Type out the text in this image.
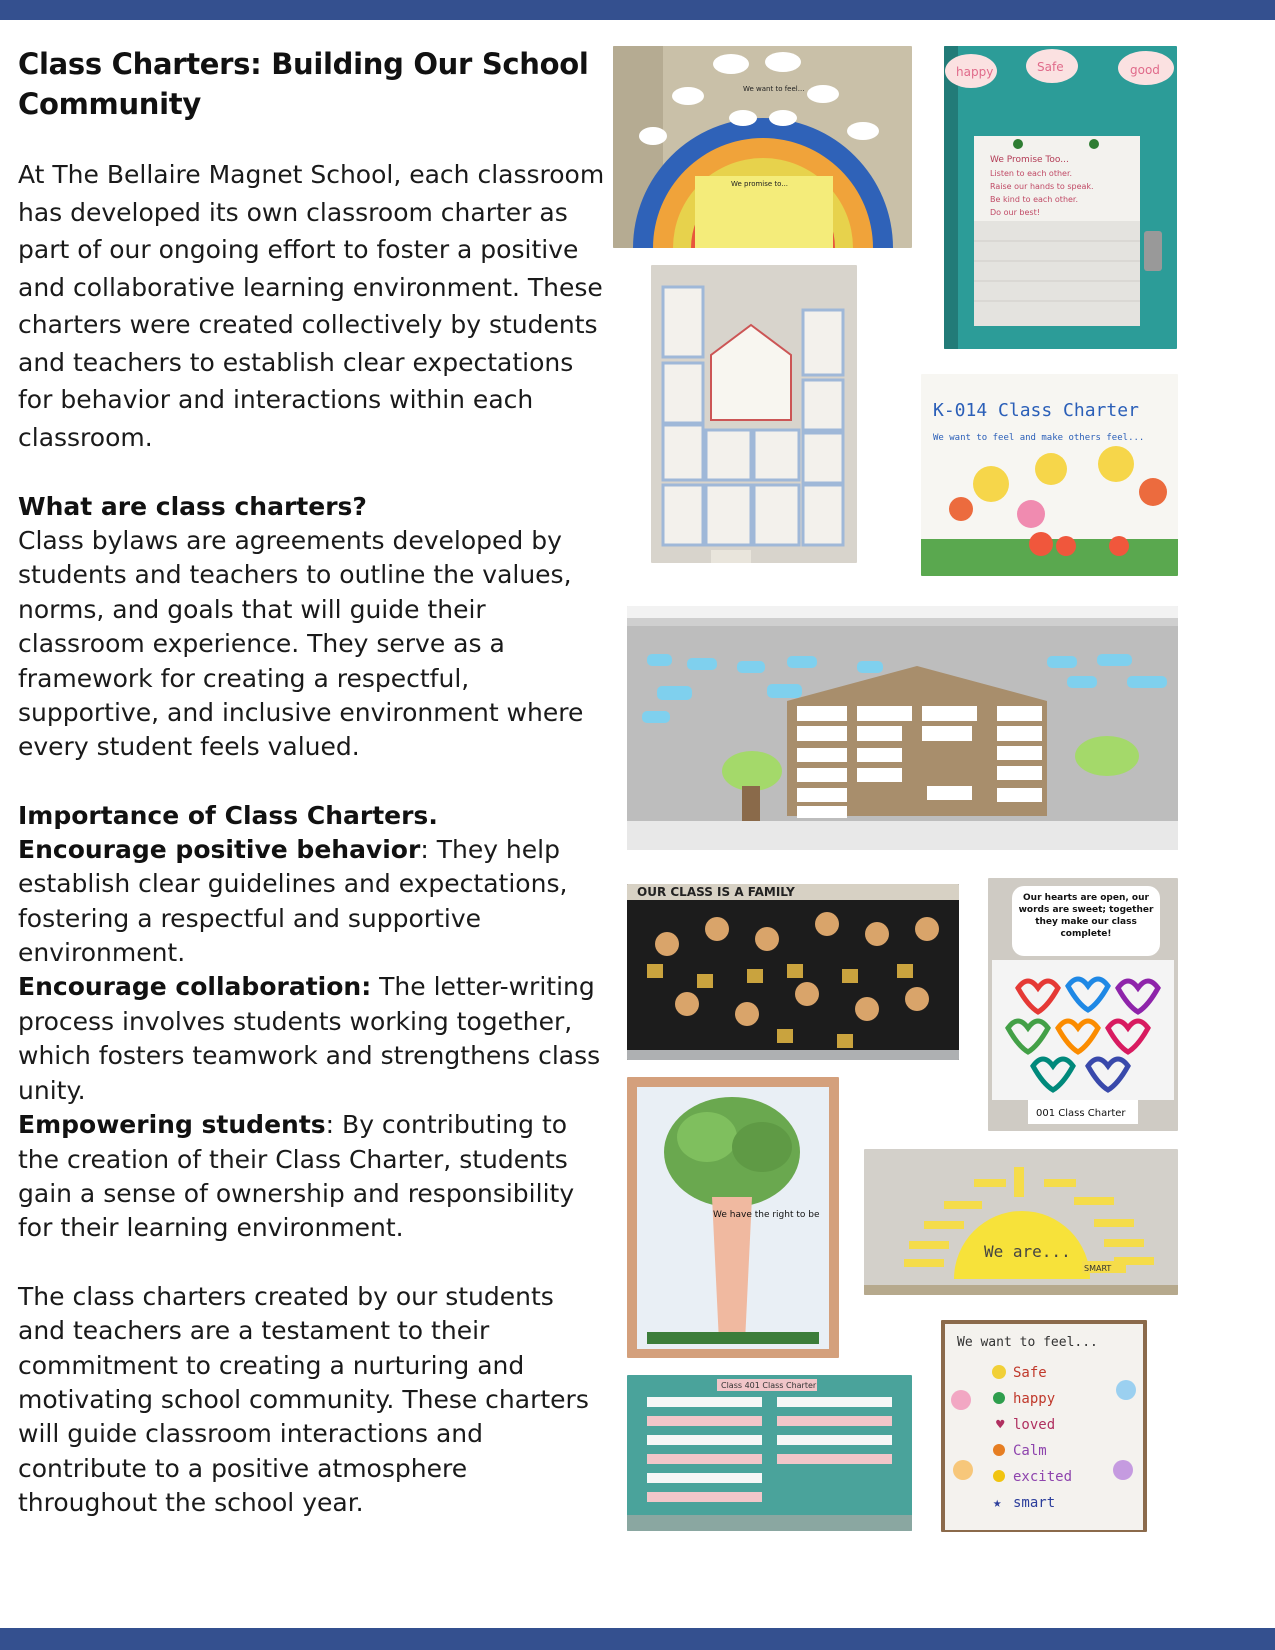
Class Charters: Building Our School Community

At The Bellaire Magnet School, each classroom has developed its own classroom charter as part of our ongoing effort to foster a positive and collaborative learning environment. These charters were created collectively by students and teachers to establish clear expectations for behavior and interactions within each classroom.

What are class charters?

Class bylaws are agreements developed by students and teachers to outline the values, norms, and goals that will guide their classroom experience. They serve as a framework for creating a respectful, supportive, and inclusive environment where every student feels valued.

Importance of Class Charters.

Encourage positive behavior: They help establish clear guidelines and expectations, fostering a respectful and supportive environment.

Encourage collaboration: The letter-writing process involves students working together, which fosters teamwork and strengthens class unity.

Empowering students: By contributing to the creation of their Class Charter, students gain a sense of ownership and responsibility for their learning environment.

The class charters created by our students and teachers are a testament to their commitment to creating a nurturing and motivating school community. These charters will guide classroom interactions and contribute to a positive atmosphere throughout the school year.

We want to feel...
We promise to...
happy	Safe	good
We Promise Too...
Listen to each other.
Raise our hands to speak.
Be kind to each other.
Do our best!
K-014 Class Charter
We want to feel and make others feel...
OUR CLASS IS A FAMILY	Our hearts are open, our words are sweet; together they make our class complete!
001 Class Charter
We have the right to be
We are...
SMART
Class 401 Class Charter
We want to feel...
Safe
happy
♥ loved
Calm
excited
★ smart
